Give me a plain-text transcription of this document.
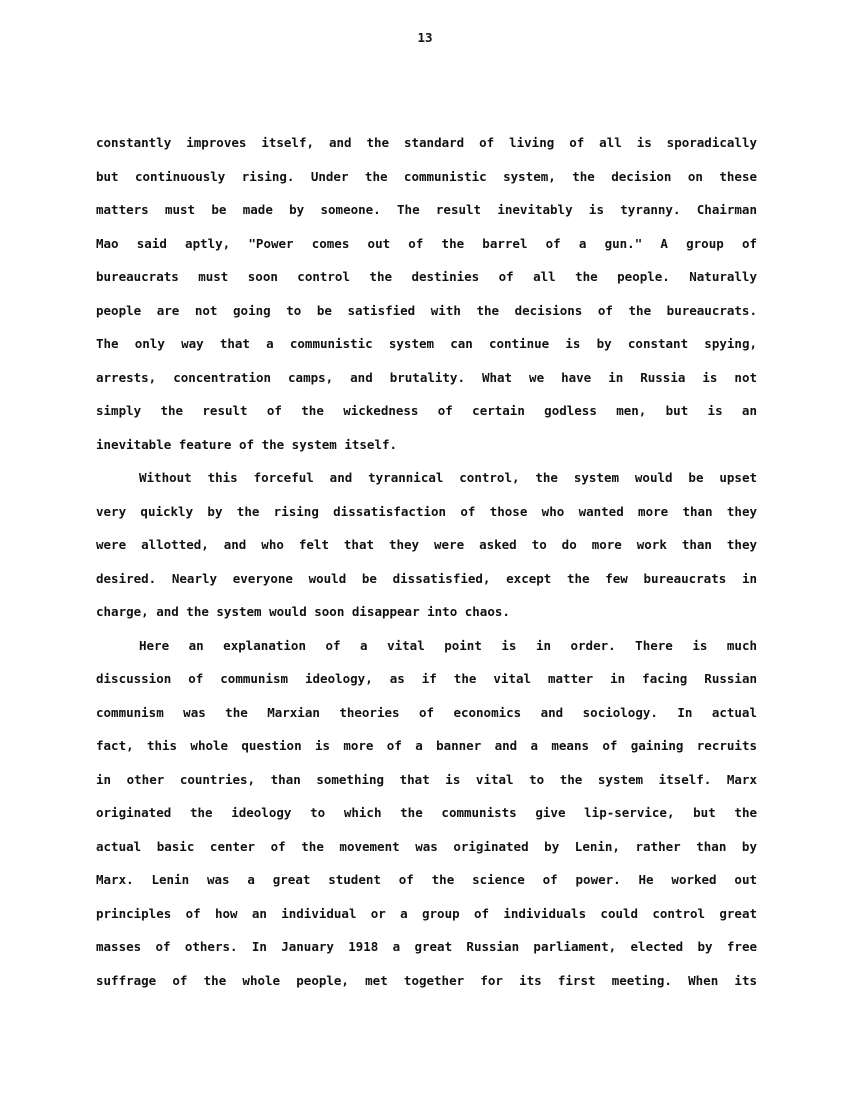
13
constantly improves itself, and the standard of living of all is sporadically
but continuously rising. Under the communistic system, the decision on these
matters must be made by someone. The result inevitably is tyranny. Chairman
Mao said aptly, "Power comes out of the barrel of a gun." A group of
bureaucrats must soon control the destinies of all the people. Naturally
people are not going to be satisfied with the decisions of the bureaucrats.
The only way that a communistic system can continue is by constant spying,
arrests, concentration camps, and brutality. What we have in Russia is not
simply the result of the wickedness of certain godless men, but is an
inevitable feature of the system itself.
Without this forceful and tyrannical control, the system would be upset
very quickly by the rising dissatisfaction of those who wanted more than they
were allotted, and who felt that they were asked to do more work than they
desired. Nearly everyone would be dissatisfied, except the few bureaucrats in
charge, and the system would soon disappear into chaos.
Here an explanation of a vital point is in order. There is much
discussion of communism ideology, as if the vital matter in facing Russian
communism was the Marxian theories of economics and sociology. In actual
fact, this whole question is more of a banner and a means of gaining recruits
in other countries, than something that is vital to the system itself. Marx
originated the ideology to which the communists give lip-service, but the
actual basic center of the movement was originated by Lenin, rather than by
Marx. Lenin was a great student of the science of power. He worked out
principles of how an individual or a group of individuals could control great
masses of others. In January 1918 a great Russian parliament, elected by free
suffrage of the whole people, met together for its first meeting. When its
